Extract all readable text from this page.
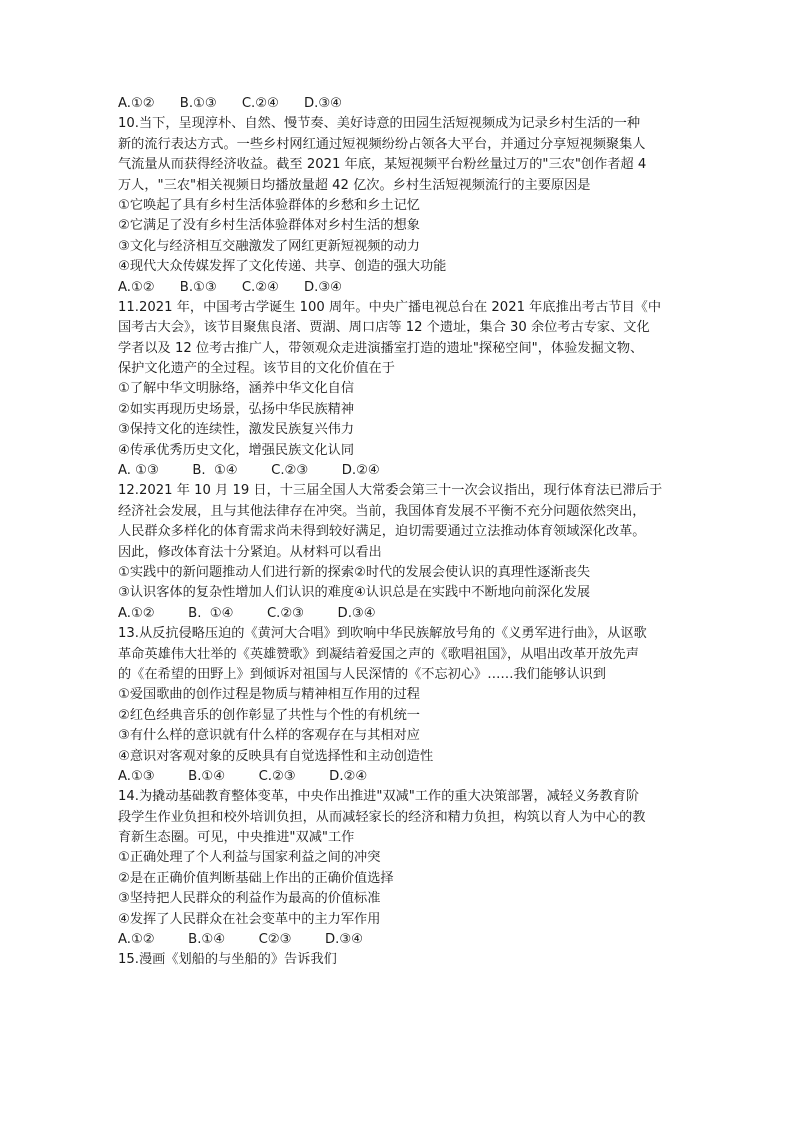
A.①②      B.①③      C.②④      D.③④
10.当下，呈现淳朴、自然、慢节奏、美好诗意的田园生活短视频成为记录乡村生活的一种
新的流行表达方式。一些乡村网红通过短视频纷纷占领各大平台，并通过分享短视频聚集人
气流量从而获得经济收益。截至 2021 年底，某短视频平台粉丝量过万的"三农"创作者超 4
万人，"三农"相关视频日均播放量超 42 亿次。乡村生活短视频流行的主要原因是
①它唤起了具有乡村生活体验群体的乡愁和乡土记忆
②它满足了没有乡村生活体验群体对乡村生活的想象
③文化与经济相互交融激发了网红更新短视频的动力
④现代大众传媒发挥了文化传递、共享、创造的强大功能
A.①②      B.①③      C.②④      D.③④
11.2021 年，中国考古学诞生 100 周年。中央广播电视总台在 2021 年底推出考古节目《中
国考古大会》，该节目聚焦良渚、贾湖、周口店等 12 个遗址，集合 30 余位考古专家、文化
学者以及 12 位考古推广人，带领观众走进演播室打造的遗址"探秘空间"，体验发掘文物、
保护文化遗产的全过程。该节目的文化价值在于
①了解中华文明脉络，涵养中华文化自信
②如实再现历史场景，弘扬中华民族精神
③保持文化的连续性，激发民族复兴伟力
④传承优秀历史文化，增强民族文化认同
A. ①③        B.  ①④        C.②③        D.②④
12.2021 年 10 月 19 日，十三届全国人大常委会第三十一次会议指出，现行体育法已滞后于
经济社会发展，且与其他法律存在冲突。当前，我国体育发展不平衡不充分问题依然突出，
人民群众多样化的体育需求尚未得到较好满足，迫切需要通过立法推动体育领域深化改革。
因此，修改体育法十分紧迫。从材料可以看出
①实践中的新问题推动人们进行新的探索②时代的发展会使认识的真理性逐渐丧失
③认识客体的复杂性增加人们认识的难度④认识总是在实践中不断地向前深化发展
A.①②        B.  ①④        C.②③        D.③④
13.从反抗侵略压迫的《黄河大合唱》到吹响中华民族解放号角的《义勇军进行曲》，从讴歌
革命英雄伟大壮举的《英雄赞歌》到凝结着爱国之声的《歌唱祖国》，从唱出改革开放先声
的《在希望的田野上》到倾诉对祖国与人民深情的《不忘初心》……我们能够认识到
①爱国歌曲的创作过程是物质与精神相互作用的过程
②红色经典音乐的创作彰显了共性与个性的有机统一
③有什么样的意识就有什么样的客观存在与其相对应
④意识对客观对象的反映具有自觉选择性和主动创造性
A.①③        B.①④        C.②③        D.②④
14.为撬动基础教育整体变革，中央作出推进"双减"工作的重大决策部署，减轻义务教育阶
段学生作业负担和校外培训负担，从而减轻家长的经济和精力负担，构筑以育人为中心的教
育新生态圈。可见，中央推进"双减"工作
①正确处理了个人利益与国家利益之间的冲突
②是在正确价值判断基础上作出的正确价值选择
③坚持把人民群众的利益作为最高的价值标准
④发挥了人民群众在社会变革中的主力军作用
A.①②        B.①④        C②③        D.③④
15.漫画《划船的与坐船的》告诉我们
